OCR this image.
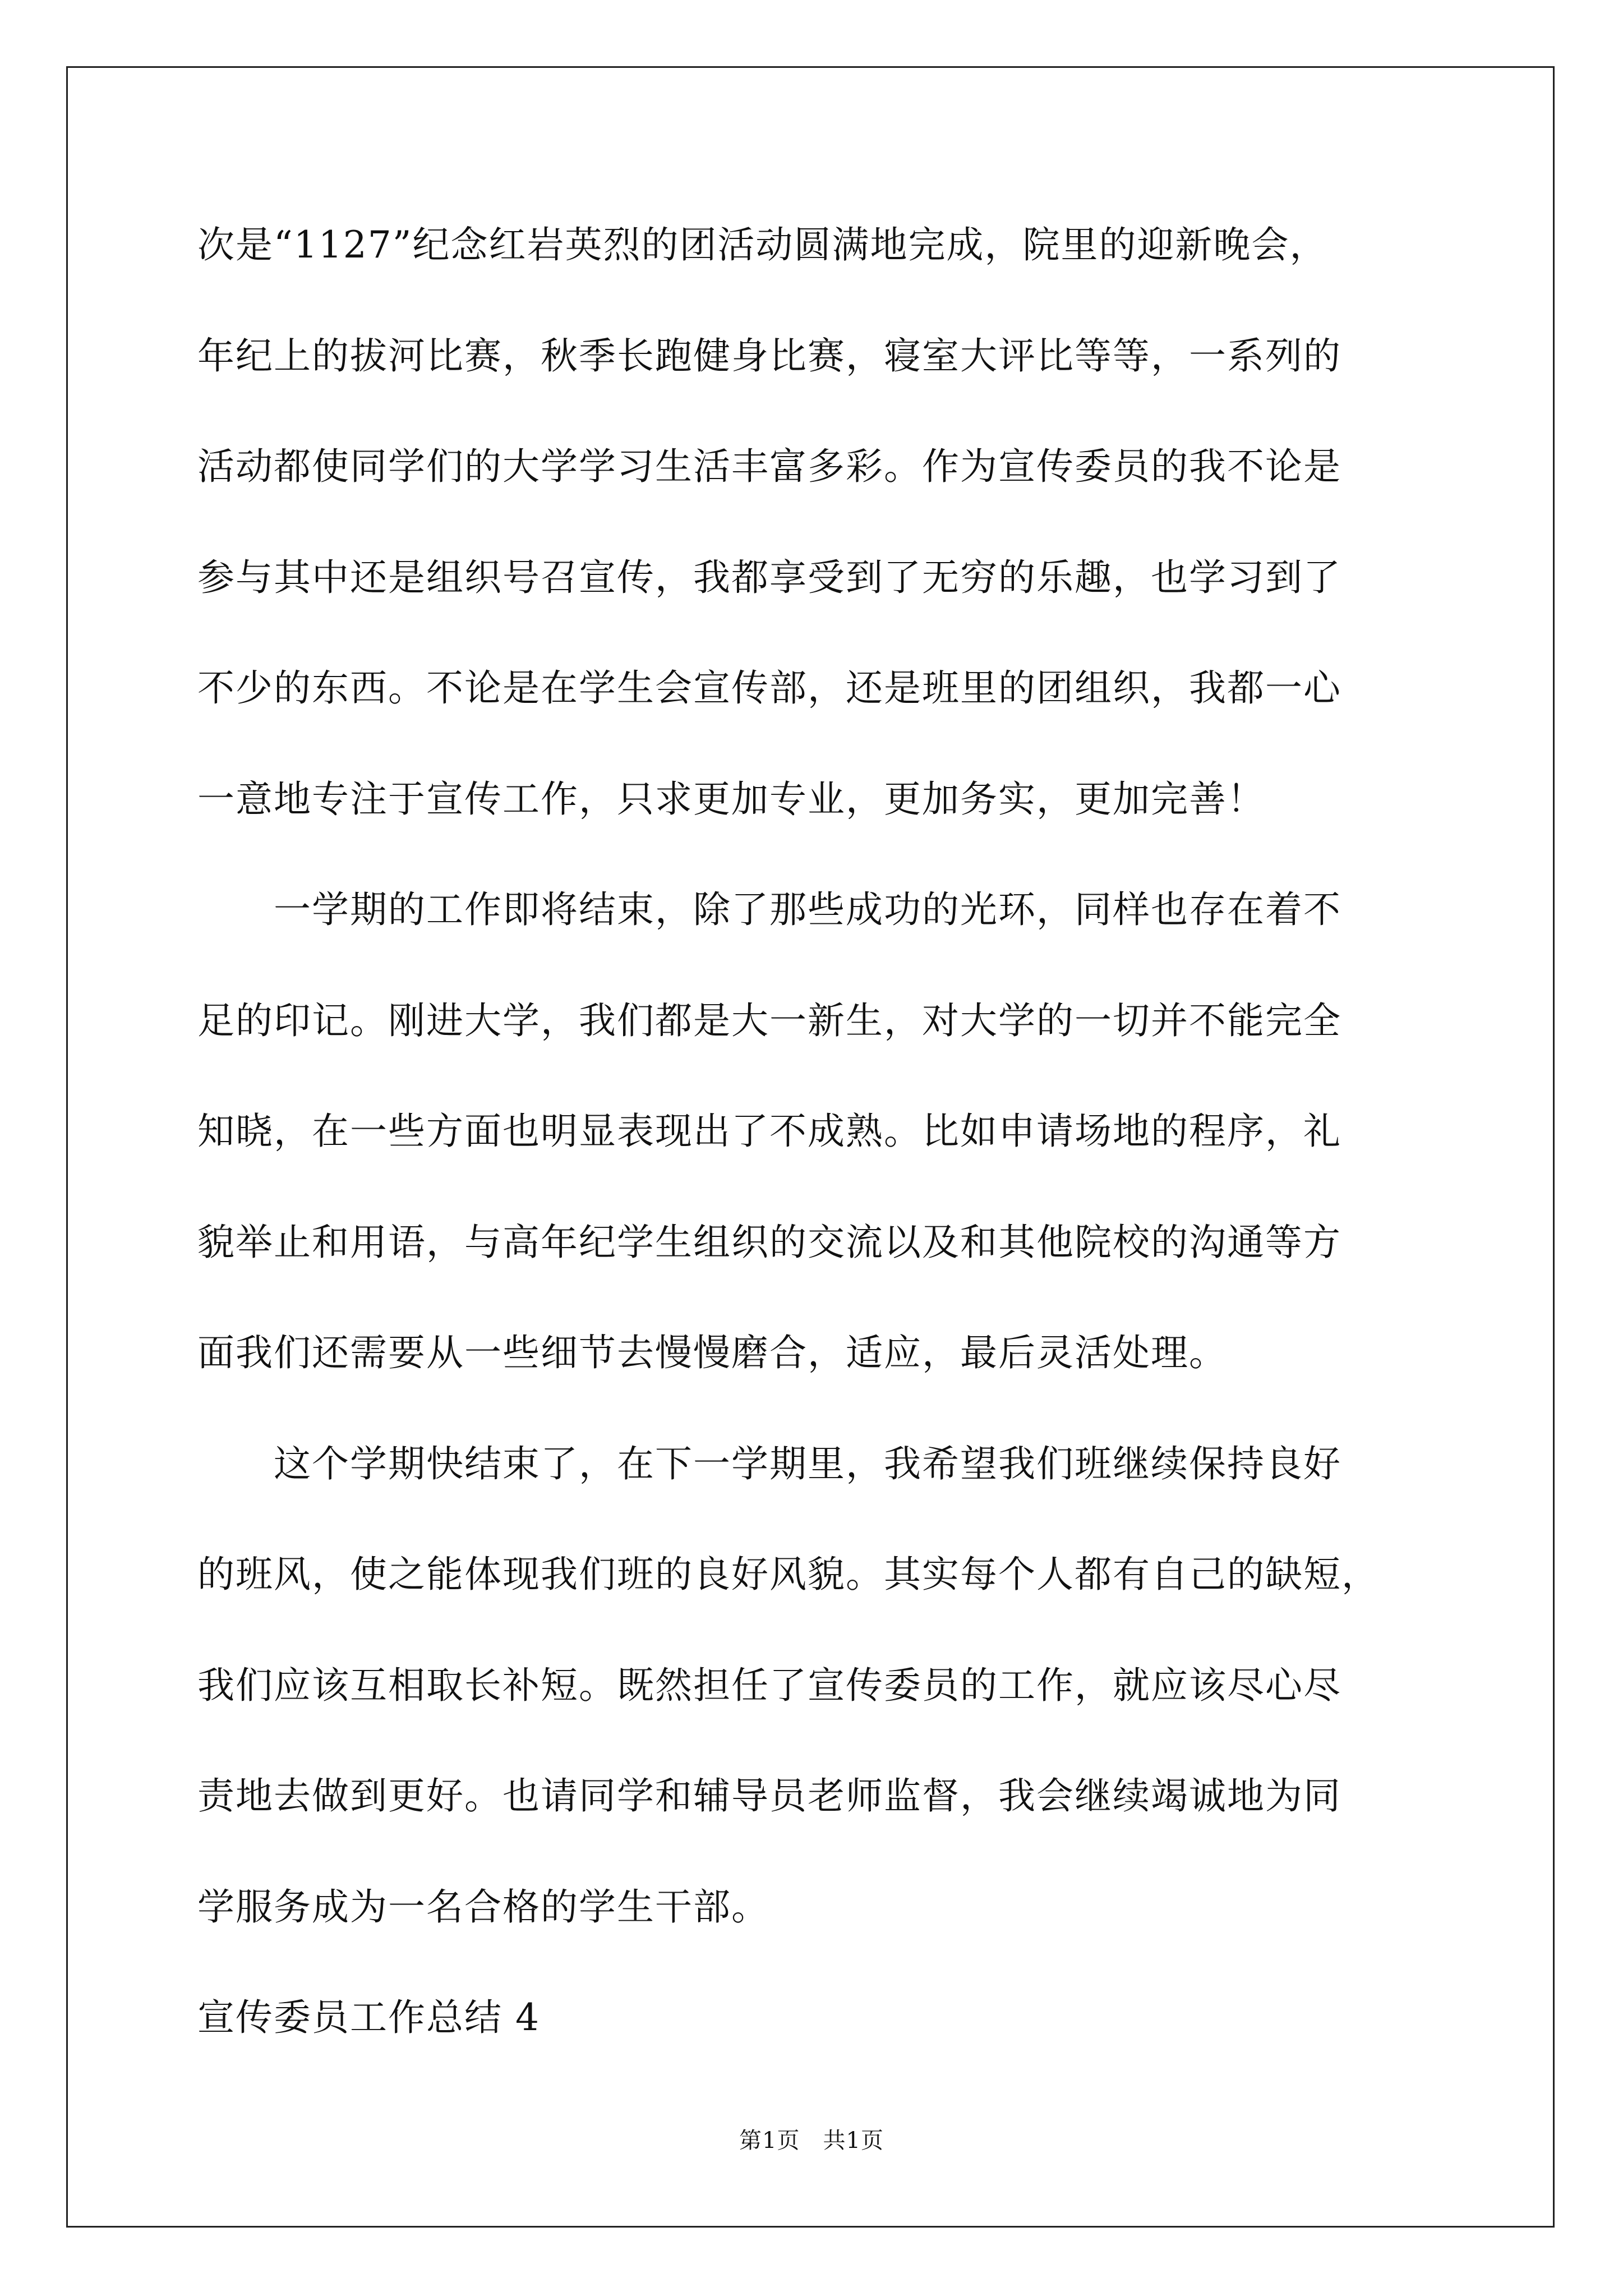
次是“1127”纪念红岩英烈的团活动圆满地完成，院里的迎新晚会，
年纪上的拔河比赛，秋季长跑健身比赛，寝室大评比等等，一系列的
活动都使同学们的大学学习生活丰富多彩。作为宣传委员的我不论是
参与其中还是组织号召宣传，我都享受到了无穷的乐趣，也学习到了
不少的东西。不论是在学生会宣传部，还是班里的团组织，我都一心
一意地专注于宣传工作，只求更加专业，更加务实，更加完善！
　　一学期的工作即将结束，除了那些成功的光环，同样也存在着不
足的印记。刚进大学，我们都是大一新生，对大学的一切并不能完全
知晓，在一些方面也明显表现出了不成熟。比如申请场地的程序，礼
貌举止和用语，与高年纪学生组织的交流以及和其他院校的沟通等方
面我们还需要从一些细节去慢慢磨合，适应，最后灵活处理。
　　这个学期快结束了，在下一学期里，我希望我们班继续保持良好
的班风，使之能体现我们班的良好风貌。其实每个人都有自己的缺短，
我们应该互相取长补短。既然担任了宣传委员的工作，就应该尽心尽
责地去做到更好。也请同学和辅导员老师监督，我会继续竭诚地为同
学服务成为一名合格的学生干部。
宣传委员工作总结 4
第1页　共1页
